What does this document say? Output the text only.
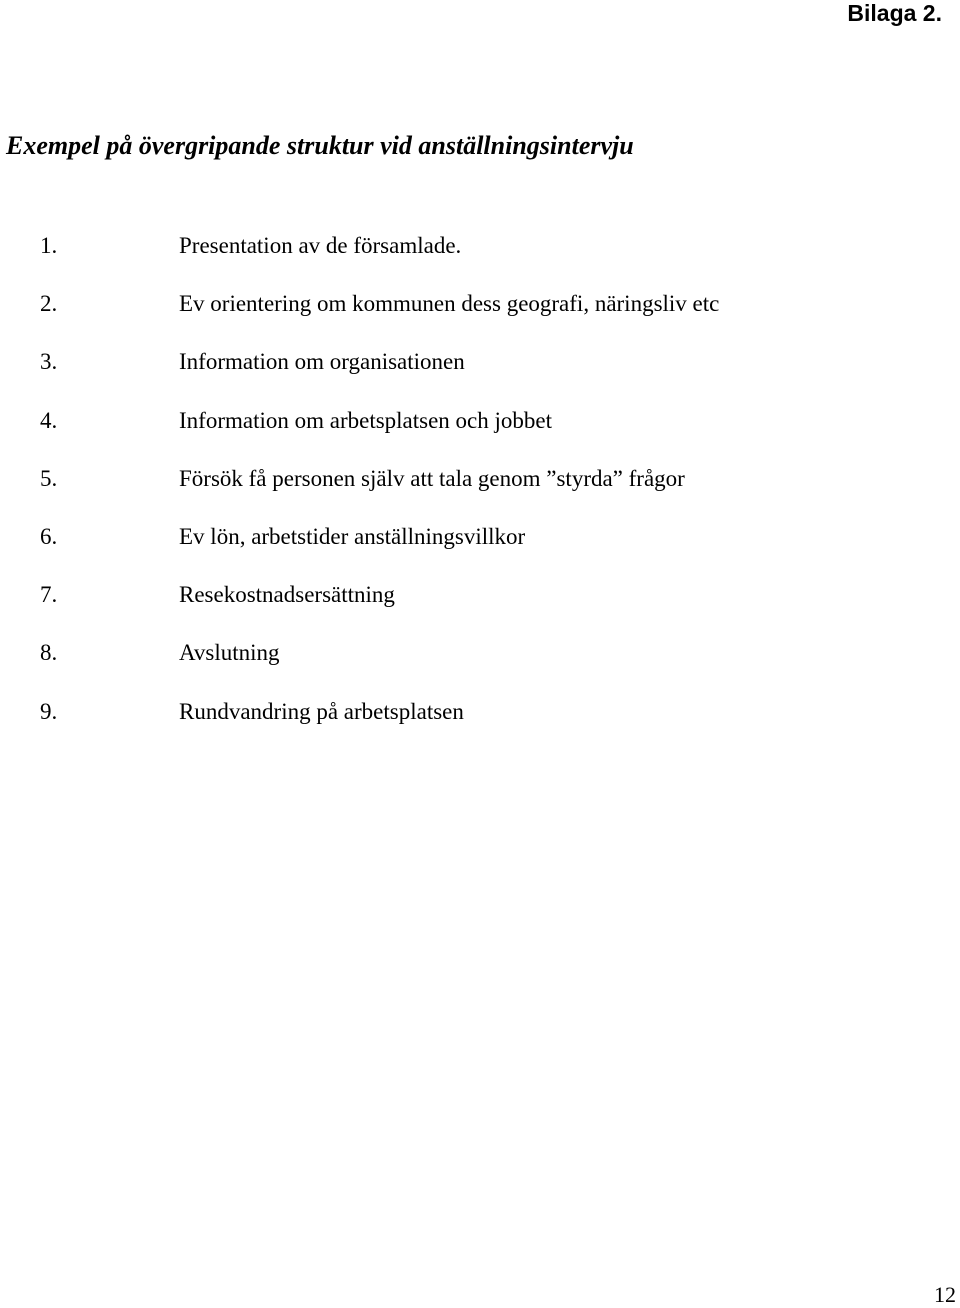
Bilaga 2.
Exempel på övergripande struktur vid anställningsintervju
1.	Presentation av de församlade.
2.	Ev orientering om kommunen dess geografi, näringsliv etc
3.	Information om organisationen
4.	Information om arbetsplatsen och jobbet
5.	Försök få personen själv att tala genom ”styrda” frågor
6.	Ev lön, arbetstider anställningsvillkor
7.	Resekostnadsersättning
8.	Avslutning
9.	Rundvandring på arbetsplatsen
12
